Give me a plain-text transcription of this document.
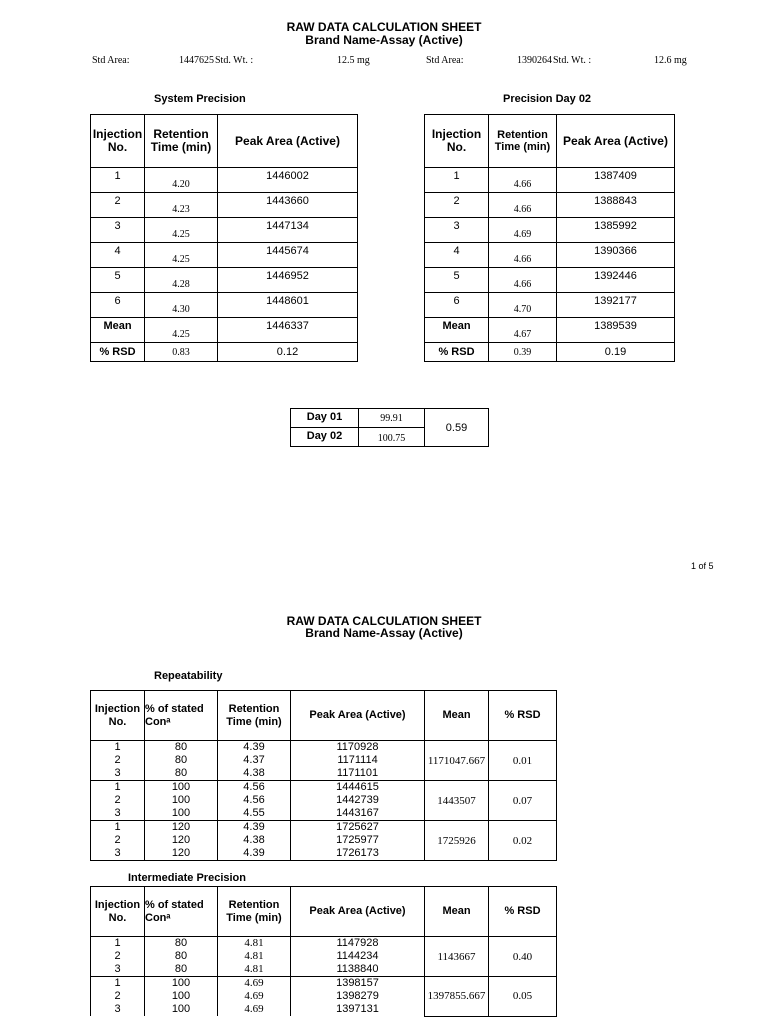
RAW DATA CALCULATION SHEET
Brand Name-Assay (Active)
Std Area:	1447625 Std. Wt. :	12.5 mg	Std Area:	1390264 Std. Wt. :	12.6 mg
System Precision	Precision Day 02
Injection No.	Retention Time (min)	Peak Area (Active)
1	4.20	1446002
2	4.23	1443660
3	4.25	1447134
4	4.25	1445674
5	4.28	1446952
6	4.30	1448601
Mean	4.25	1446337
% RSD	0.83	0.12
Injection No.	Retention Time (min)	Peak Area (Active)
1	4.66	1387409
2	4.66	1388843
3	4.69	1385992
4	4.66	1390366
5	4.66	1392446
6	4.70	1392177
Mean	4.67	1389539
% RSD	0.39	0.19
Day 01	99.91	0.59
Day 02	100.75	
1 of 5
RAW DATA CALCULATION SHEET
Brand Name-Assay (Active)
Repeatability
Injection No.	% of stated Conᵃ	Retention Time (min)	Peak Area (Active)	Mean	% RSD
1	80	4.39	1170928	1171047.667	0.01
2	80	4.37	1171114		
3	80	4.38	1171101		
1	100	4.56	1444615	1443507	0.07
2	100	4.56	1442739		
3	100	4.55	1443167		
1	120	4.39	1725627	1725926	0.02
2	120	4.38	1725977		
3	120	4.39	1726173		
Intermediate Precision
Injection No.	% of stated Conᵃ	Retention Time (min)	Peak Area (Active)	Mean	% RSD
1	80	4.81	1147928	1143667	0.40
2	80	4.81	1144234		
3	80	4.81	1138840		
1	100	4.69	1398157	1397855.667	0.05
2	100	4.69	1398279		
3	100	4.69	1397131		
